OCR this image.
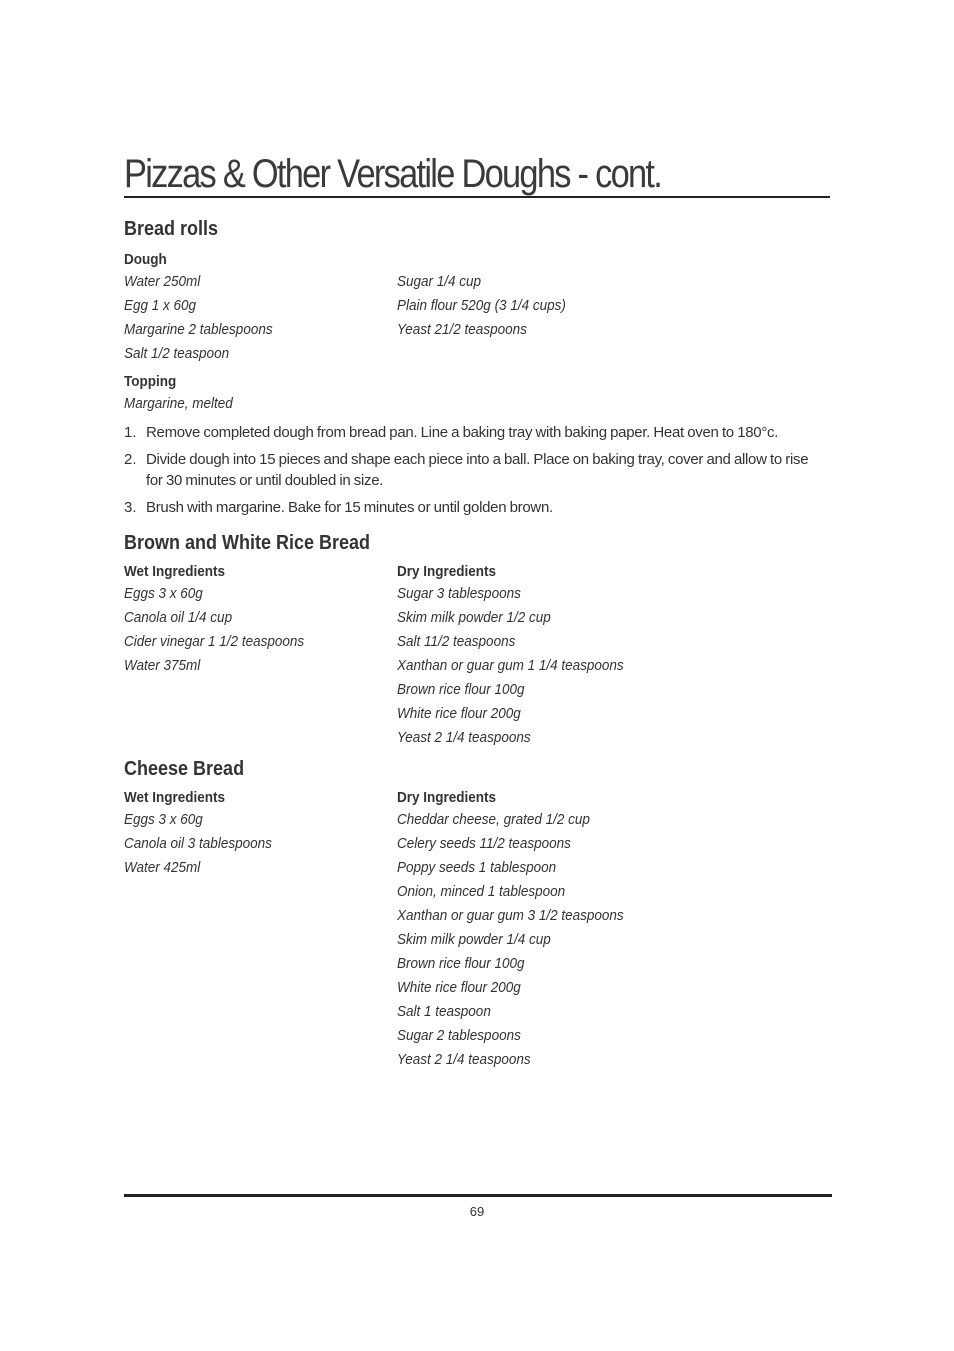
Pizzas & Other Versatile Doughs - cont.
Bread rolls
Dough
Water 250ml
Egg 1 x 60g
Margarine 2 tablespoons
Salt 1/2 teaspoon
Sugar 1/4 cup
Plain flour 520g (3 1/4 cups)
Yeast 21/2 teaspoons
Topping
Margarine, melted
1. Remove completed dough from bread pan. Line a baking tray with baking paper. Heat oven to 180°c.
2. Divide dough into 15 pieces and shape each piece into a ball. Place on baking tray, cover and allow to rise for 30 minutes or until doubled in size.
3. Brush with margarine. Bake for 15 minutes or until golden brown.
Brown and White Rice Bread
Wet Ingredients
Eggs 3 x 60g
Canola oil 1/4 cup
Cider vinegar 1 1/2 teaspoons
Water 375ml
Dry Ingredients
Sugar 3 tablespoons
Skim milk powder 1/2 cup
Salt 11/2 teaspoons
Xanthan or guar gum 1 1/4 teaspoons
Brown rice flour 100g
White rice flour 200g
Yeast 2 1/4 teaspoons
Cheese Bread
Wet Ingredients
Eggs 3 x 60g
Canola oil 3 tablespoons
Water 425ml
Dry Ingredients
Cheddar cheese, grated 1/2 cup
Celery seeds 11/2 teaspoons
Poppy seeds 1 tablespoon
Onion, minced 1 tablespoon
Xanthan or guar gum 3 1/2 teaspoons
Skim milk powder 1/4 cup
Brown rice flour 100g
White rice flour 200g
Salt 1 teaspoon
Sugar 2 tablespoons
Yeast 2 1/4 teaspoons
69
